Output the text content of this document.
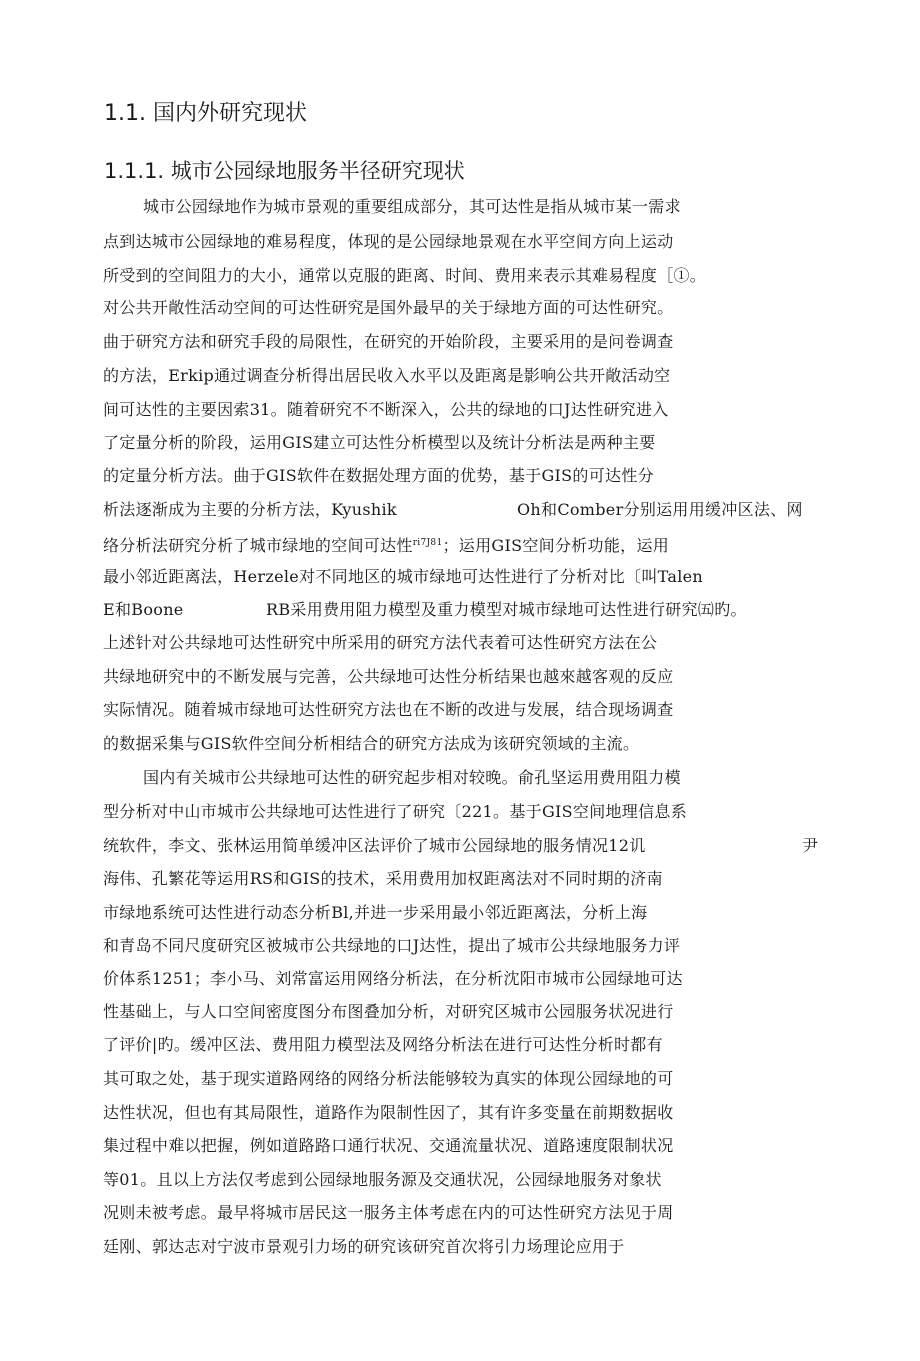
1.1. 国内外研究现状
1.1.1. 城市公园绿地服务半径研究现状
城市公园绿地作为城市景观的重要组成部分，其可达性是指从城市某一需求
点到达城市公园绿地的难易程度，体现的是公园绿地景观在水平空间方向上运动
所受到的空间阻力的大小，通常以克服的距离、时间、费用来表示其难易程度［①。
对公共开敞性活动空间的可达性研究是国外最早的关于绿地方面的可达性研究。
曲于研究方法和研究手段的局限性，在研究的开始阶段，主要采用的是问卷调查
的方法，Erkip通过调查分析得出居民收入水平以及距离是影响公共开敞活动空
间可达性的主要因索31。随着研究不不断深入，公共的绿地的口J达性研究进入
了定量分析的阶段，运用GIS建立可达性分析模型以及统计分析法是两种主要
的定量分析方法。曲于GIS软件在数据处理方面的优势，基于GIS的可达性分
析法逐渐成为主要的分析方法，Kyushik	Oh和Comber分别运用用缓冲区法、网
络分析法研究分析了城市绿地的空间可达性$^{ri7J81}$；运用GIS空间分析功能，运用
最小邻近距离法，Herzele对不同地区的城市绿地可达性进行了分析对比〔叫Talen
E和Boone	RB采用费用阻力模型及重力模型对城市绿地可达性进行研究㈤旳。
上述针对公共绿地可达性研究中所采用的研究方法代表着可达性研究方法在公
共绿地研究中的不断发展与完善，公共绿地可达性分析结果也越來越客观的反应
实际情况。随着城市绿地可达性研究方法也在不断的改进与发展，结合现场调查
的数据采集与GIS软件空间分析相结合的研究方法成为该研究领域的主流。
国内有关城市公共绿地可达性的研究起步相对较晚。俞孔坚运用费用阻力模
型分析对中山市城市公共绿地可达性进行了研究〔221。基于GIS空间地理信息系
统软件，李文、张林运用简单缓冲区法评价了城市公园绿地的服务情况12讥	尹
海伟、孔繁花等运用RS和GIS的技术，采用费用加权距离法对不同时期的济南
市绿地系统可达性进行动态分析Bl,并进一步采用最小邻近距离法，分析上海
和青岛不同尺度研究区被城市公共绿地的口J达性，提出了城市公共绿地服务力评
价体系1251；李小马、刘常富运用网络分析法，在分析沈阳市城市公园绿地可达
性基础上，与人口空间密度图分布图叠加分析，对研究区城市公园服务状况进行
了评价|旳。缓冲区法、费用阻力模型法及网络分析法在进行可达性分析时都有
其可取之处，基于现实道路网络的网络分析法能够较为真实的体现公园绿地的可
达性状况，但也有其局限性，道路作为限制性因了，其有许多变量在前期数据收
集过程中难以把握，例如道路路口通行状况、交通流量状况、道路速度限制状况
等01。且以上方法仅考虑到公园绿地服务源及交通状况，公园绿地服务对象状
况则未被考虑。最早将城市居民这一服务主体考虑在内的可达性研究方法见于周
廷刚、郭达志对宁波市景观引力场的研究该研究首次将引力场理论应用于
